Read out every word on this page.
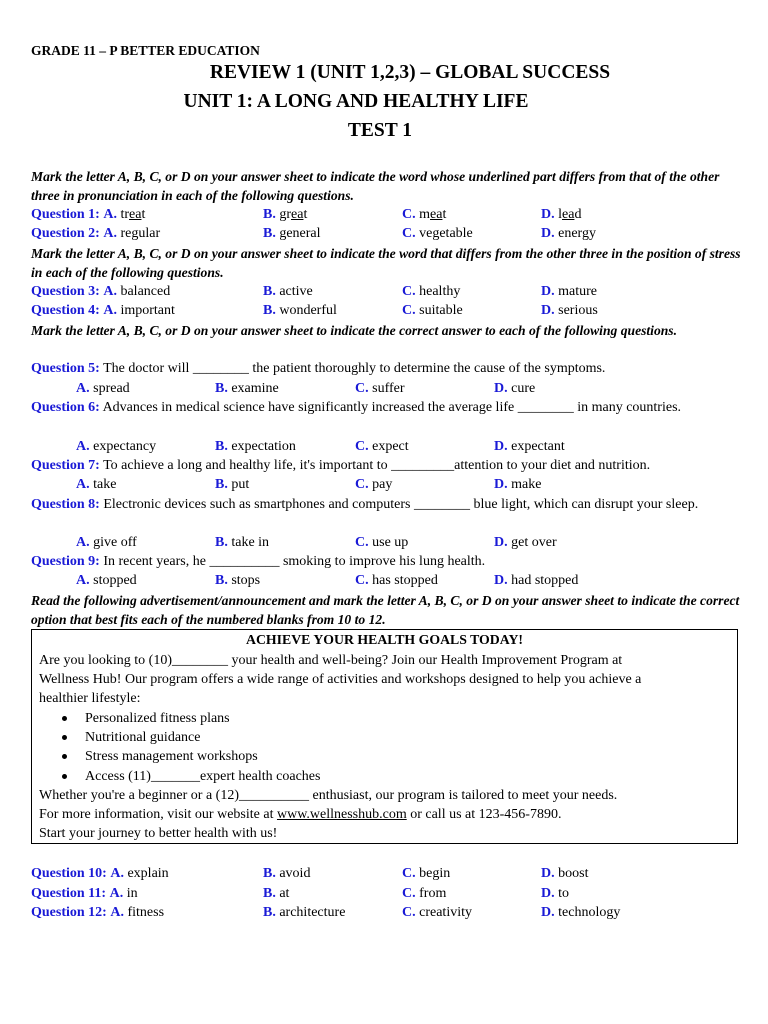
GRADE 11 – P BETTER EDUCATION
REVIEW 1 (UNIT 1,2,3) – GLOBAL SUCCESS
UNIT 1: A LONG AND HEALTHY LIFE
TEST 1
Mark the letter A, B, C, or D on your answer sheet to indicate the word whose underlined part differs from that of the other three in pronunciation in each of the following questions.
Question 1: A. treat	B. great	C. meat	D. lead
Question 2: A. regular	B. general	C. vegetable	D. energy
Mark the letter A, B, C, or D on your answer sheet to indicate the word that differs from the other three in the position of stress in each of the following questions.
Question 3: A. balanced	B. active	C. healthy	D. mature
Question 4: A. important	B. wonderful	C. suitable	D. serious
Mark the letter A, B, C, or D on your answer sheet to indicate the correct answer to each of the following questions.
Question 5: The doctor will ________ the patient thoroughly to determine the cause of the symptoms.
A. spread	B. examine	C. suffer	D. cure
Question 6: Advances in medical science have significantly increased the average life ________ in many countries.
A. expectancy	B. expectation	C. expect	D. expectant
Question 7: To achieve a long and healthy life, it's important to _________attention to your diet and nutrition.
A. take	B. put	C. pay	D. make
Question 8: Electronic devices such as smartphones and computers ________ blue light, which can disrupt your sleep.
A. give off	B. take in	C. use up	D. get over
Question 9: In recent years, he __________ smoking to improve his lung health.
A. stopped	B. stops	C. has stopped	D. had stopped
Read the following advertisement/announcement and mark the letter A, B, C, or D on your answer sheet to indicate the correct option that best fits each of the numbered blanks from 10 to 12.
ACHIEVE YOUR HEALTH GOALS TODAY!
Are you looking to (10)________ your health and well-being? Join our Health Improvement Program at
Wellness Hub! Our program offers a wide range of activities and workshops designed to help you achieve a
healthier lifestyle:
Personalized fitness plans
Nutritional guidance
Stress management workshops
Access (11)_______expert health coaches
Whether you're a beginner or a (12)__________ enthusiast, our program is tailored to meet your needs.
For more information, visit our website at www.wellnesshub.com or call us at 123-456-7890.
Start your journey to better health with us!
Question 10: A. explain	B. avoid	C. begin	D. boost
Question 11: A. in	B. at	C. from	D. to
Question 12: A. fitness	B. architecture	C. creativity	D. technology
